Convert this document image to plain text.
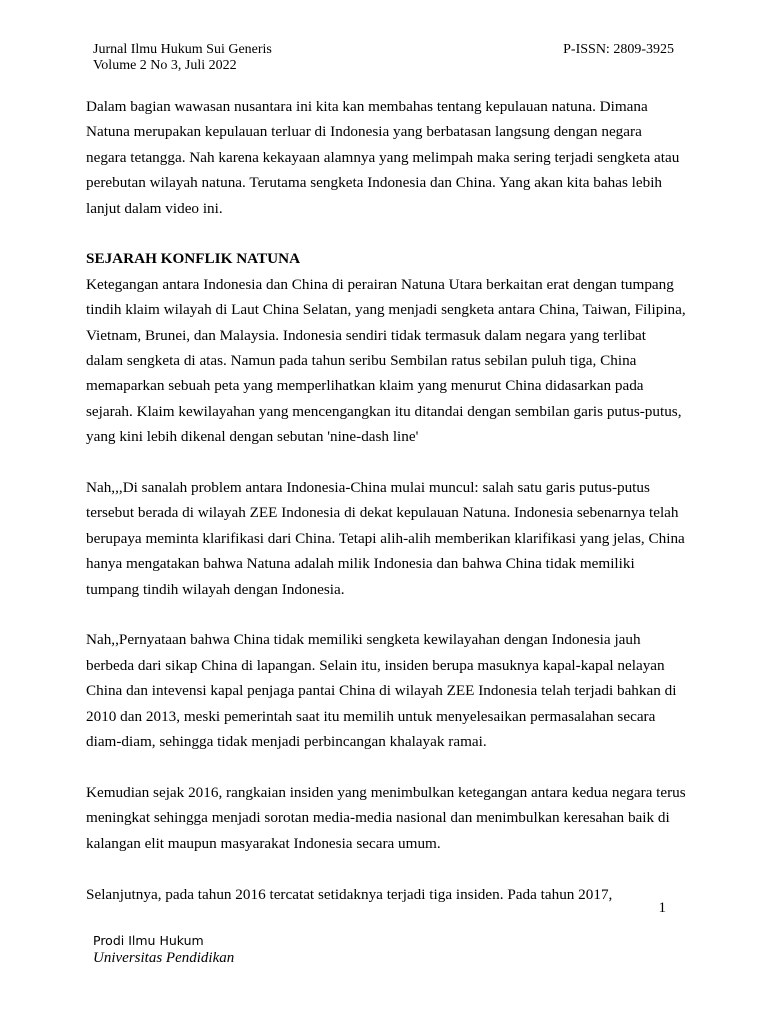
Jurnal Ilmu Hukum Sui Generis
Volume 2 No 3, Juli 2022
P-ISSN: 2809-3925

Dalam bagian wawasan nusantara ini kita kan membahas tentang kepulauan natuna. Dimana Natuna merupakan kepulauan terluar di Indonesia yang berbatasan langsung dengan negara negara tetangga. Nah karena kekayaan alamnya yang melimpah maka sering terjadi sengketa atau perebutan wilayah natuna. Terutama sengketa Indonesia dan China. Yang akan kita bahas lebih lanjut dalam video ini.

SEJARAH KONFLIK NATUNA

Ketegangan antara Indonesia dan China di perairan Natuna Utara berkaitan erat dengan tumpang tindih klaim wilayah di Laut China Selatan, yang menjadi sengketa antara China, Taiwan, Filipina, Vietnam, Brunei, dan Malaysia. Indonesia sendiri tidak termasuk dalam negara yang terlibat dalam sengketa di atas. Namun pada tahun seribu Sembilan ratus sebilan puluh tiga, China memaparkan sebuah peta yang memperlihatkan klaim yang menurut China didasarkan pada sejarah. Klaim kewilayahan yang mencengangkan itu ditandai dengan sembilan garis putus-putus, yang kini lebih dikenal dengan sebutan 'nine-dash line'

Nah,,,Di sanalah problem antara Indonesia-China mulai muncul: salah satu garis putus-putus tersebut berada di wilayah ZEE Indonesia di dekat kepulauan Natuna. Indonesia sebenarnya telah berupaya meminta klarifikasi dari China. Tetapi alih-alih memberikan klarifikasi yang jelas, China hanya mengatakan bahwa Natuna adalah milik Indonesia dan bahwa China tidak memiliki tumpang tindih wilayah dengan Indonesia.

Nah,,Pernyataan bahwa China tidak memiliki sengketa kewilayahan dengan Indonesia jauh berbeda dari sikap China di lapangan. Selain itu, insiden berupa masuknya kapal-kapal nelayan China dan intevensi kapal penjaga pantai China di wilayah ZEE Indonesia telah terjadi bahkan di 2010 dan 2013, meski pemerintah saat itu memilih untuk menyelesaikan permasalahan secara diam-diam, sehingga tidak menjadi perbincangan khalayak ramai.

Kemudian sejak 2016, rangkaian insiden yang menimbulkan ketegangan antara kedua negara terus meningkat sehingga menjadi sorotan media-media nasional dan menimbulkan keresahan baik di kalangan elit maupun masyarakat Indonesia secara umum.

Selanjutnya, pada tahun 2016 tercatat setidaknya terjadi tiga insiden. Pada tahun 2017,

1
Prodi Ilmu Hukum
Universitas Pendidikan
